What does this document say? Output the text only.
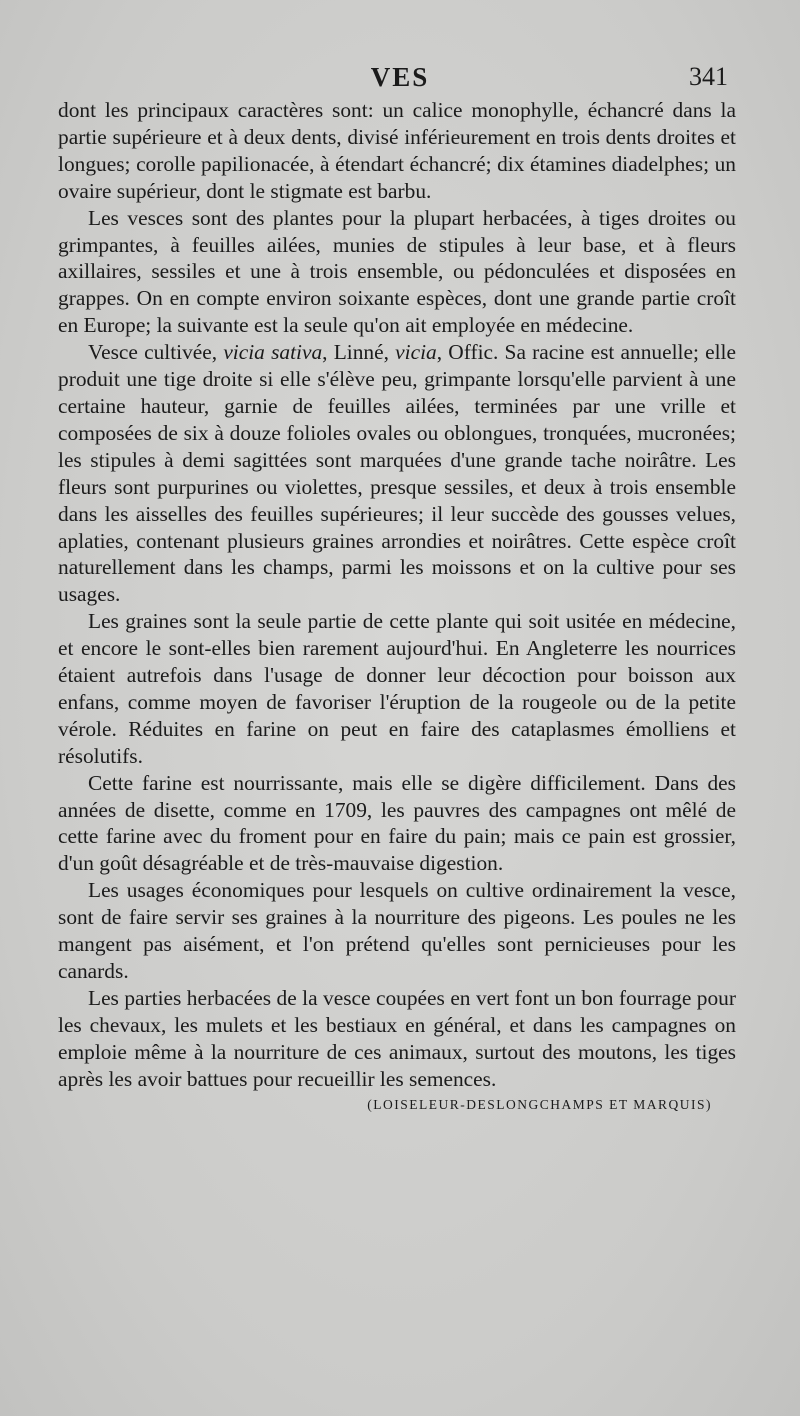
VES	341

dont les principaux caractères sont: un calice monophylle, échancré dans la partie supérieure et à deux dents, divisé inférieurement en trois dents droites et longues; corolle papilionacée, à étendart échancré; dix étamines diadelphes; un ovaire supérieur, dont le stigmate est barbu.

Les vesces sont des plantes pour la plupart herbacées, à tiges droites ou grimpantes, à feuilles ailées, munies de stipules à leur base, et à fleurs axillaires, sessiles et une à trois ensemble, ou pédonculées et disposées en grappes. On en compte environ soixante espèces, dont une grande partie croît en Europe; la suivante est la seule qu'on ait employée en médecine.

Vesce cultivée, vicia sativa, Linné, vicia, Offic. Sa racine est annuelle; elle produit une tige droite si elle s'élève peu, grimpante lorsqu'elle parvient à une certaine hauteur, garnie de feuilles ailées, terminées par une vrille et composées de six à douze folioles ovales ou oblongues, tronquées, mucronées; les stipules à demi sagittées sont marquées d'une grande tache noirâtre. Les fleurs sont purpurines ou violettes, presque sessiles, et deux à trois ensemble dans les aisselles des feuilles supérieures; il leur succède des gousses velues, aplaties, contenant plusieurs graines arrondies et noirâtres. Cette espèce croît naturellement dans les champs, parmi les moissons et on la cultive pour ses usages.

Les graines sont la seule partie de cette plante qui soit usitée en médecine, et encore le sont-elles bien rarement aujourd'hui. En Angleterre les nourrices étaient autrefois dans l'usage de donner leur décoction pour boisson aux enfans, comme moyen de favoriser l'éruption de la rougeole ou de la petite vérole. Réduites en farine on peut en faire des cataplasmes émolliens et résolutifs.

Cette farine est nourrissante, mais elle se digère difficilement. Dans des années de disette, comme en 1709, les pauvres des campagnes ont mêlé de cette farine avec du froment pour en faire du pain; mais ce pain est grossier, d'un goût désagréable et de très-mauvaise digestion.

Les usages économiques pour lesquels on cultive ordinairement la vesce, sont de faire servir ses graines à la nourriture des pigeons. Les poules ne les mangent pas aisément, et l'on prétend qu'elles sont pernicieuses pour les canards.

Les parties herbacées de la vesce coupées en vert font un bon fourrage pour les chevaux, les mulets et les bestiaux en général, et dans les campagnes on emploie même à la nourriture de ces animaux, surtout des moutons, les tiges après les avoir battues pour recueillir les semences.

(LOISELEUR-DESLONGCHAMPS ET MARQUIS)
